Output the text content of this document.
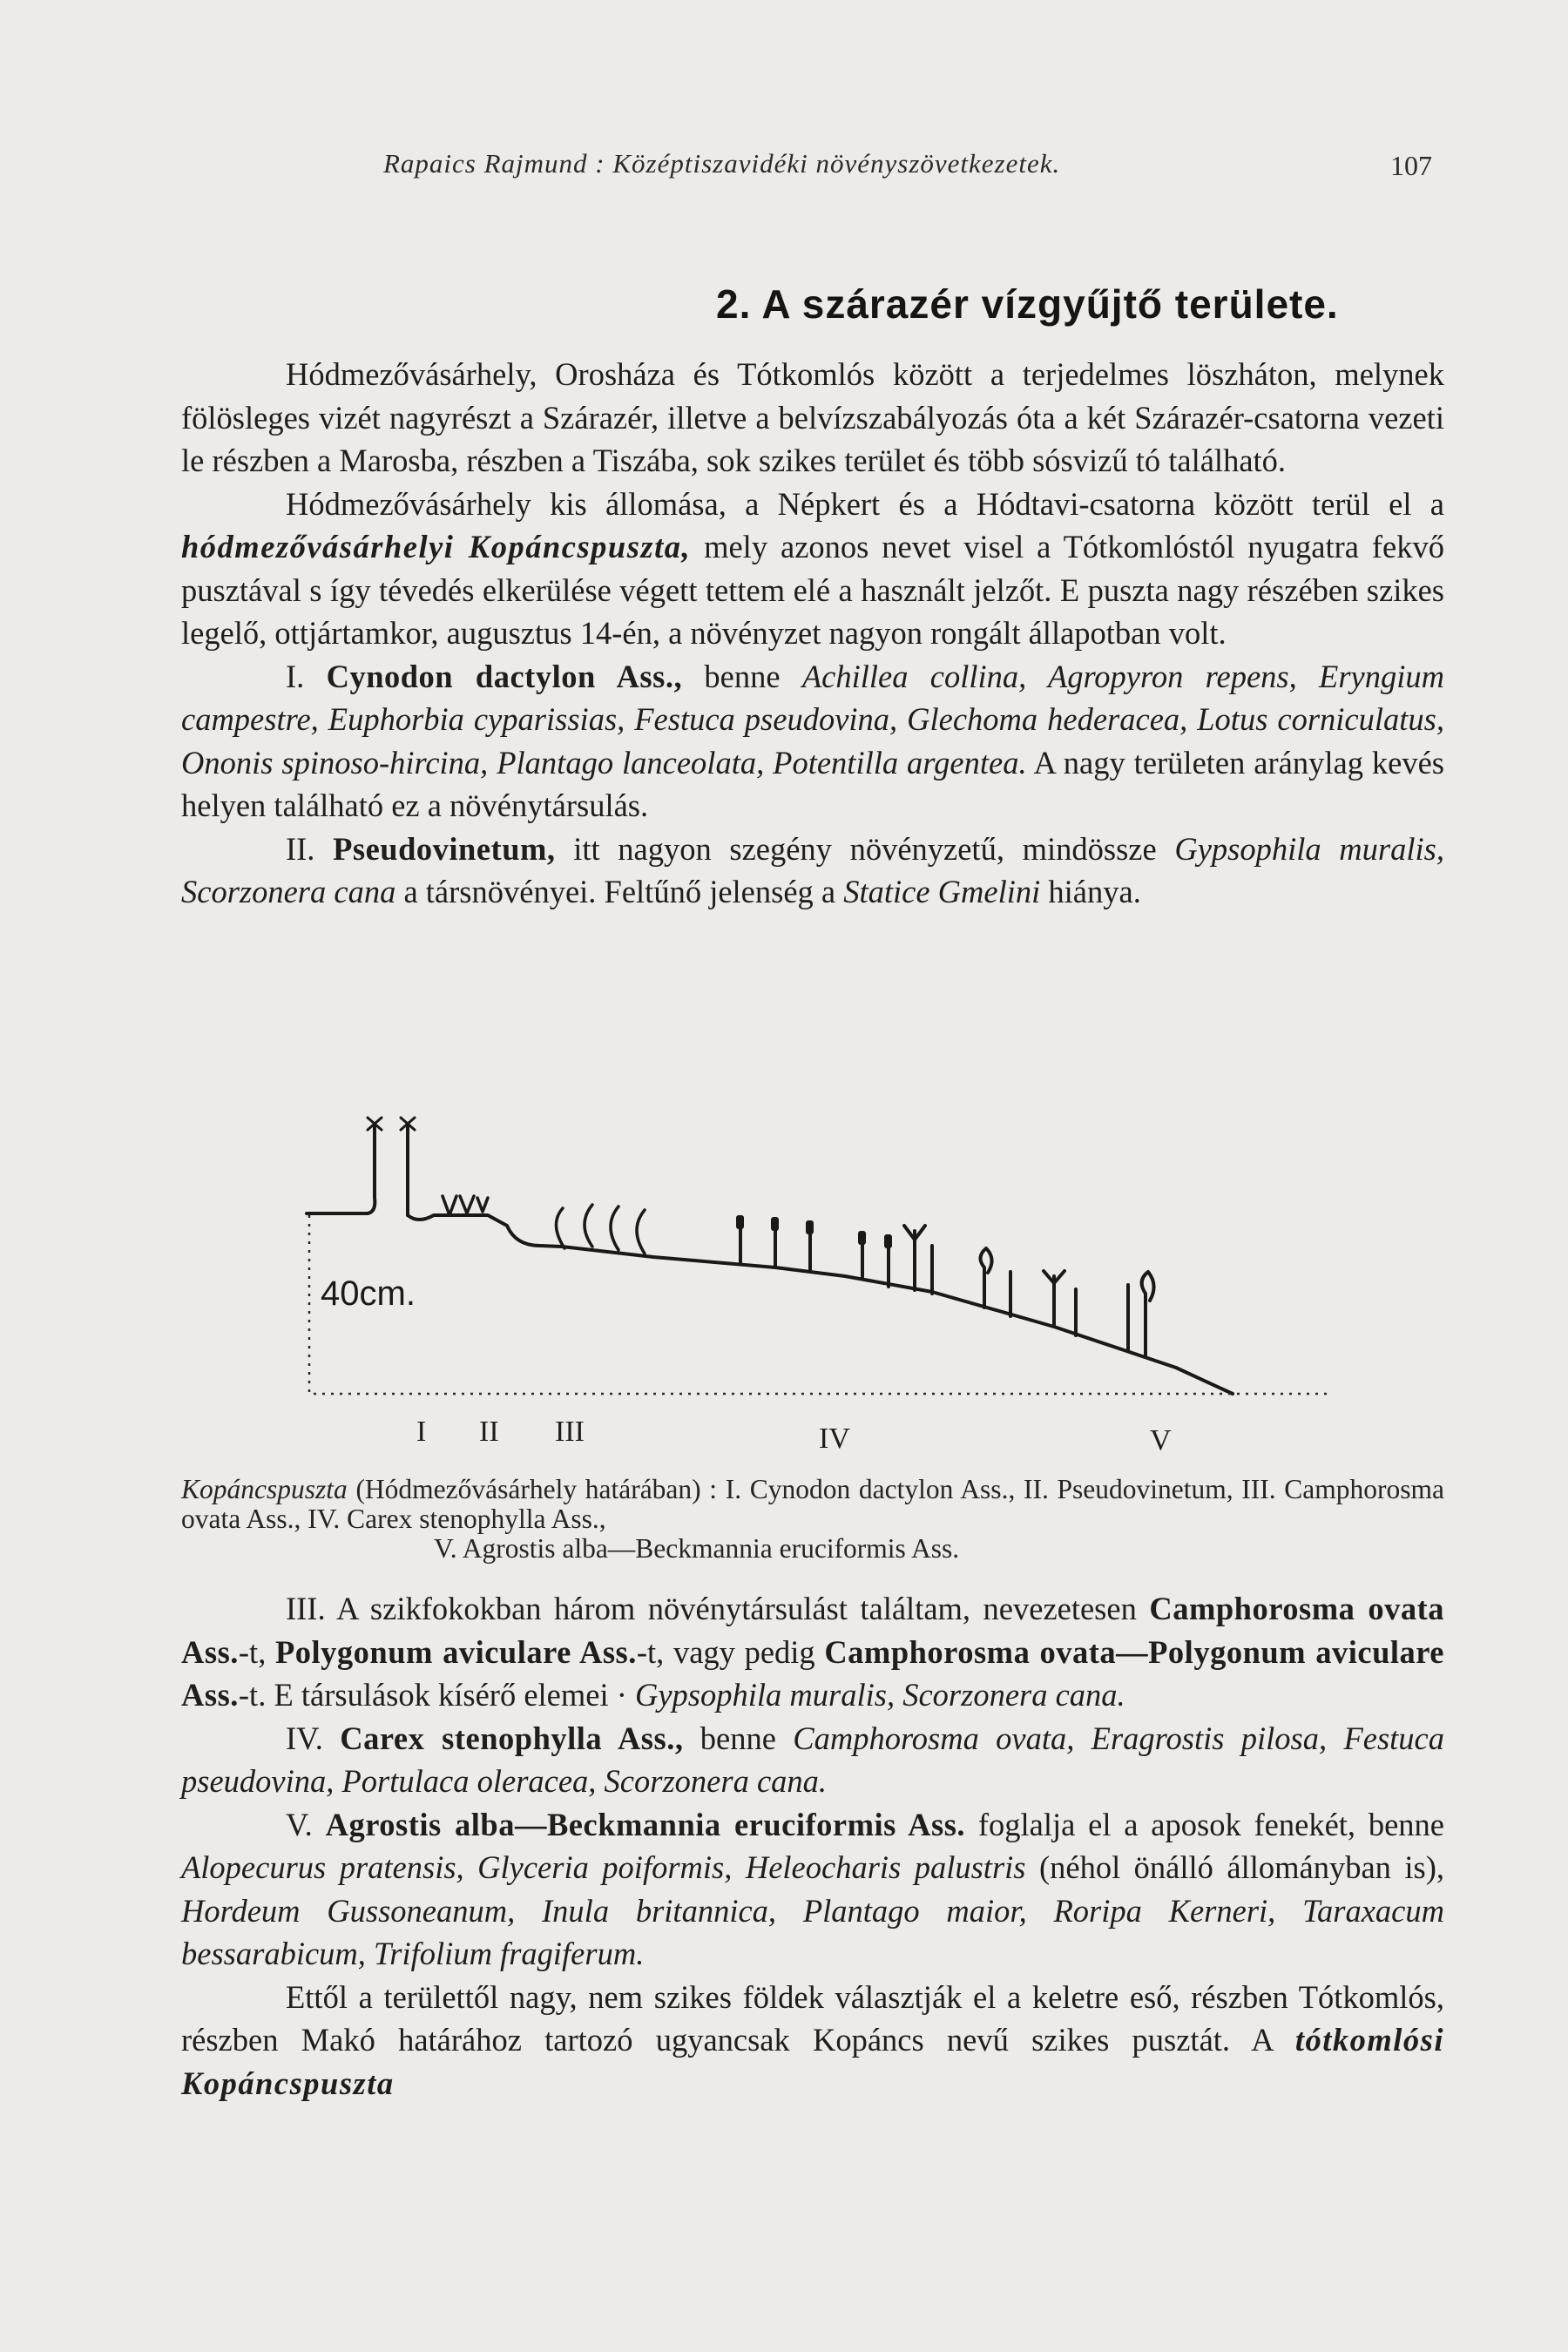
Rapaics Rajmund : Középtiszavidéki növényszövetkezetek.	107
2. A szárazér vízgyűjtő területe.

Hódmezővásárhely, Orosháza és Tótkomlós között a terjedelmes löszháton, melynek fölösleges vizét nagyrészt a Szárazér, illetve a belvízszabályozás óta a két Szárazér-csatorna vezeti le részben a Marosba, részben a Tiszába, sok szikes terület és több sósvizű tó található.

Hódmezővásárhely kis állomása, a Népkert és a Hódtavi-csatorna között terül el a hódmezővásárhelyi Kopáncspuszta, mely azonos nevet visel a Tótkomlóstól nyugatra fekvő pusztával s így tévedés elkerülése végett tettem elé a használt jelzőt. E puszta nagy részében szikes legelő, ottjártamkor, augusztus 14-én, a növényzet nagyon rongált állapotban volt.

I. Cynodon dactylon Ass., benne Achillea collina, Agropyron repens, Eryngium campestre, Euphorbia cyparissias, Festuca pseudovina, Glechoma hederacea, Lotus corniculatus, Ononis spinoso-hircina, Plantago lanceolata, Potentilla argentea. A nagy területen aránylag kevés helyen található ez a növénytársulás.

II. Pseudovinetum, itt nagyon szegény növényzetű, mindössze Gypsophila muralis, Scorzonera cana a társnövényei. Feltűnő jelenség a Statice Gmelini hiánya.

40cm.
I II III	IV	V

Kopáncspuszta (Hódmezővásárhely határában) : I. Cynodon dactylon Ass., II. Pseudovinetum, III. Camphorosma ovata Ass., IV. Carex stenophylla Ass.,

V. Agrostis alba—Beckmannia eruciformis Ass.

III. A szikfokokban három növénytársulást találtam, nevezetesen Camphorosma ovata Ass.-t, Polygonum aviculare Ass.-t, vagy pedig Camphorosma ovata—Polygonum aviculare Ass.-t. E társulások kísérő elemei · Gypsophila muralis, Scorzonera cana.

IV. Carex stenophylla Ass., benne Camphorosma ovata, Eragrostis pilosa, Festuca pseudovina, Portulaca oleracea, Scorzonera cana.

V. Agrostis alba—Beckmannia eruciformis Ass. foglalja el a aposok fenekét, benne Alopecurus pratensis, Glyceria poiformis, Heleocharis palustris (néhol önálló állományban is), Hordeum Gussoneanum, Inula britannica, Plantago maior, Roripa Kerneri, Taraxacum bessarabicum, Trifolium fragiferum.

Ettől a területtől nagy, nem szikes földek választják el a keletre eső, részben Tótkomlós, részben Makó határához tartozó ugyancsak Kopáncs nevű szikes pusztát. A tótkomlósi Kopáncspuszta
